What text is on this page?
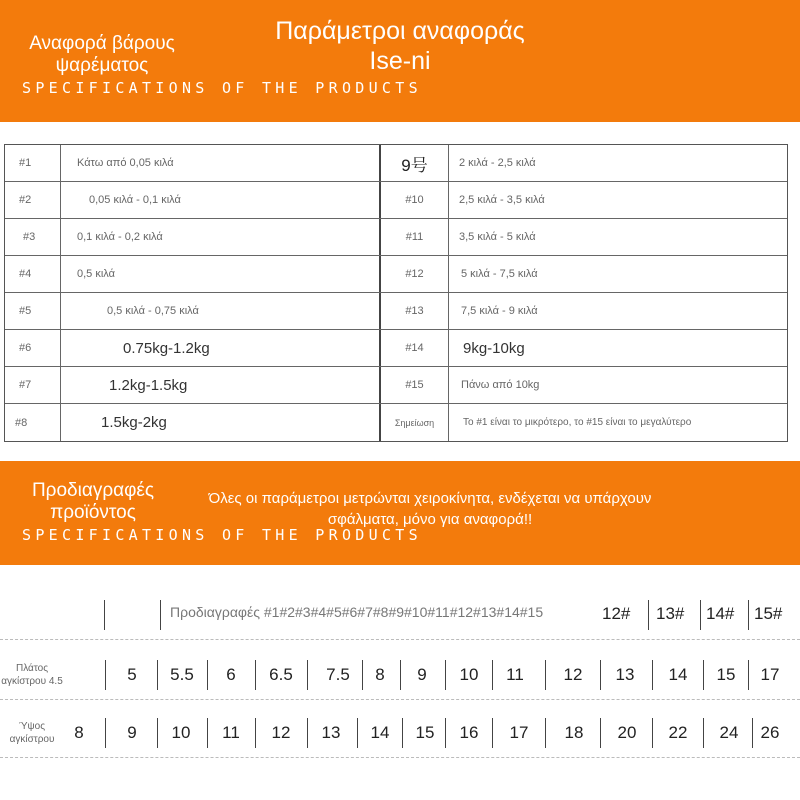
Αναφορά βάρους ψαρέματος
Παράμετροι αναφοράς Ise-ni
SPECIFICATIONS OF THE PRODUCTS
#1	Κάτω από 0,05 κιλά	9号	2 κιλά - 2,5 κιλά
#2	0,05 κιλά - 0,1 κιλά	#10	2,5 κιλά - 3,5 κιλά
#3	0,1 κιλά - 0,2 κιλά	#11	3,5 κιλά - 5 κιλά
#4	0,5 κιλά	#12	5 κιλά - 7,5 κιλά
#5	0,5 κιλά - 0,75 κιλά	#13	7,5 κιλά - 9 κιλά
#6	0.75kg-1.2kg	#14	9kg-10kg
#7	1.2kg-1.5kg	#15	Πάνω από 10kg
#8	1.5kg-2kg	Σημείωση	Το #1 είναι το μικρότερο, το #15 είναι το μεγαλύτερο
Προδιαγραφές προϊόντος
Όλες οι παράμετροι μετρώνται χειροκίνητα, ενδέχεται να υπάρχουν σφάλματα, μόνο για αναφορά!!
SPECIFICATIONS OF THE PRODUCTS
Προδιαγραφές #1#2#3#4#5#6#7#8#9#10#11#12#13#14#15	12# 13# 14# 15#
Πλάτος αγκίστρου 4.5	5	5.5	6	6.5	7.5	8	9	10	11	12	13	14	15	17
Ύψος αγκίστρου	8	9	10	11	12	13	14	15	16	17	18	20	22	24	26
